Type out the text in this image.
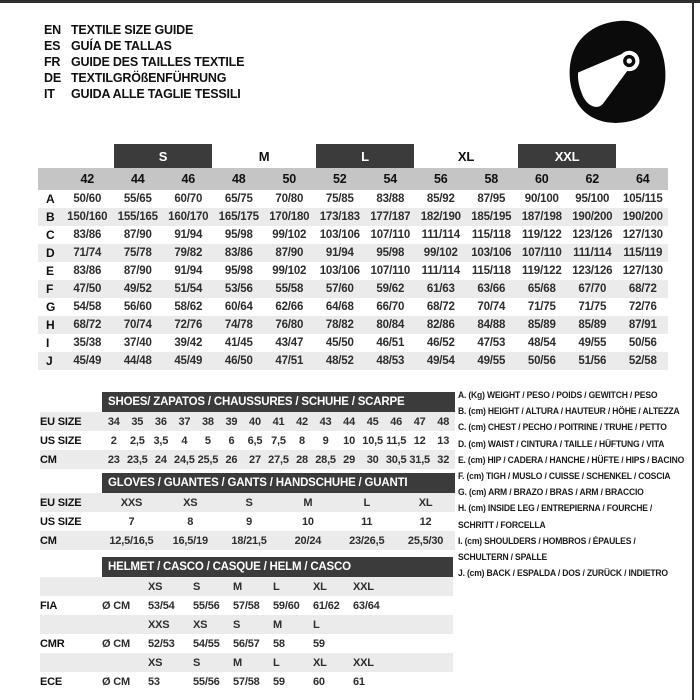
EN TEXTILE SIZE GUIDE
ES GUÍA DE TALLAS
FR GUIDE DES TAILLES TEXTILE
DE TEXTILGRÖßENFÜHRUNG
IT	GUIDA ALLE TAGLIE TESSILI
		S		M		L		XL		XXL		
	42	44	46	48	50	52	54	56	58	60	62	64
A	50/60	55/65	60/70	65/75	70/80	75/85	83/88	85/92	87/95	90/100	95/100	105/115
B	150/160	155/165	160/170	165/175	170/180	173/183	177/187	182/190	185/195	187/198	190/200	190/200
C	83/86	87/90	91/94	95/98	99/102	103/106	107/110	111/114	115/118	119/122	123/126	127/130
D	71/74	75/78	79/82	83/86	87/90	91/94	95/98	99/102	103/106	107/110	111/114	115/119
E	83/86	87/90	91/94	95/98	99/102	103/106	107/110	111/114	115/118	119/122	123/126	127/130
F	47/50	49/52	51/54	53/56	55/58	57/60	59/62	61/63	63/66	65/68	67/70	68/72
G	54/58	56/60	58/62	60/64	62/66	64/68	66/70	68/72	70/74	71/75	71/75	72/76
H	68/72	70/74	72/76	74/78	76/80	78/82	80/84	82/86	84/88	85/89	85/89	87/91
I	35/38	37/40	39/42	41/45	43/47	45/50	46/51	46/52	47/53	48/54	49/55	50/56
J	45/49	44/48	45/49	46/50	47/51	48/52	48/53	49/54	49/55	50/56	51/56	52/58
SHOES/ ZAPATOS / CHAUSSURES / SCHUHE / SCARPE
EU SIZE	34	35	36	37	38	39	40	41	42	43	44	45	46	47	48
US SIZE	2	2,5	3,5	4	5	6	6,5	7,5	8	9	10	10,5	11,5	12	13
CM	23	23,5	24	24,5	25,5	26	27	27,5	28	28,5	29	30	30,5	31,5	32
GLOVES / GUANTES / GANTS / HANDSCHUHE / GUANTI
EU SIZE	XXS	XS	S	M	L	XL
US SIZE	7	8	9	10	11	12
CM	12,5/16,5	16,5/19	18/21,5	20/24	23/26,5	25,5/30
HELMET / CASCO / CASQUE / HELM / CASCO
		XS	S	M	L	XL	XXL
FIA	Ø CM	53/54	55/56	57/58	59/60	61/62	63/64
		XXS	XS	S	M	L	
CMR	Ø CM	52/53	54/55	56/57	58	59	
		XS	S	M	L	XL	XXL
ECE	Ø CM	53	55/56	57/58	59	60	61
A. (Kg) WEIGHT / PESO / POIDS / GEWITCH / PESO
B. (cm) HEIGHT / ALTURA / HAUTEUR / HÖHE / ALTEZZA
C. (cm) CHEST / PECHO / POITRINE / TRUHE / PETTO
D. (cm) WAIST / CINTURA / TAILLE / HÜFTUNG / VITA
E. (cm) HIP / CADERA / HANCHE / HÜFTE / HIPS / BACINO
F. (cm) TIGH / MUSLO / CUISSE / SCHENKEL / COSCIA
G. (cm) ARM / BRAZO / BRAS / ARM / BRACCIO
H. (cm) INSIDE LEG / ENTREPIERNA / FOURCHE /
SCHRITT / FORCELLA
I. (cm) SHOULDERS / HOMBROS / ÉPAULES /
SCHULTERN / SPALLE
J. (cm) BACK / ESPALDA / DOS / ZURÜCK / INDIETRO
